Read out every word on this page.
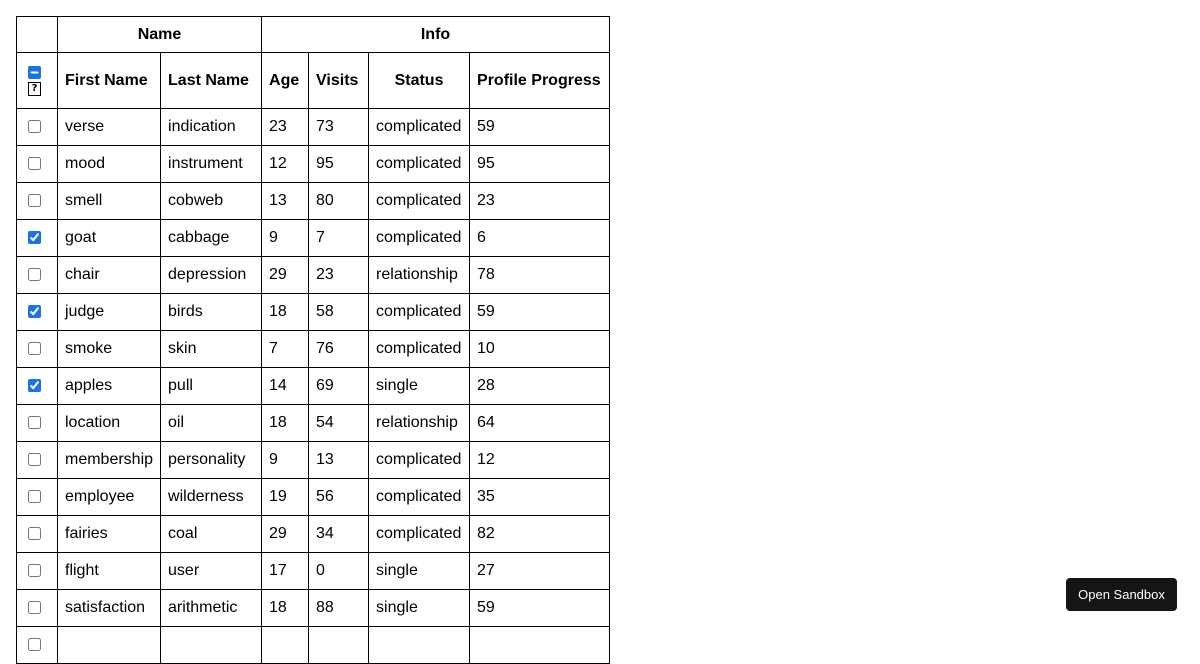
	Name		Info			

?	First Name	Last Name	Age	Visits	Status	Profile Progress
	verse	indication	23	73	complicated	59
	mood	instrument	12	95	complicated	95
	smell	cobweb	13	80	complicated	23
	goat	cabbage	9	7	complicated	6
	chair	depression	29	23	relationship	78
	judge	birds	18	58	complicated	59
	smoke	skin	7	76	complicated	10
	apples	pull	14	69	single	28
	location	oil	18	54	relationship	64
	membership	personality	9	13	complicated	12
	employee	wilderness	19	56	complicated	35
	fairies	coal	29	34	complicated	82
	flight	user	17	0	single	27
	satisfaction	arithmetic	18	88	single	59

Open Sandbox
